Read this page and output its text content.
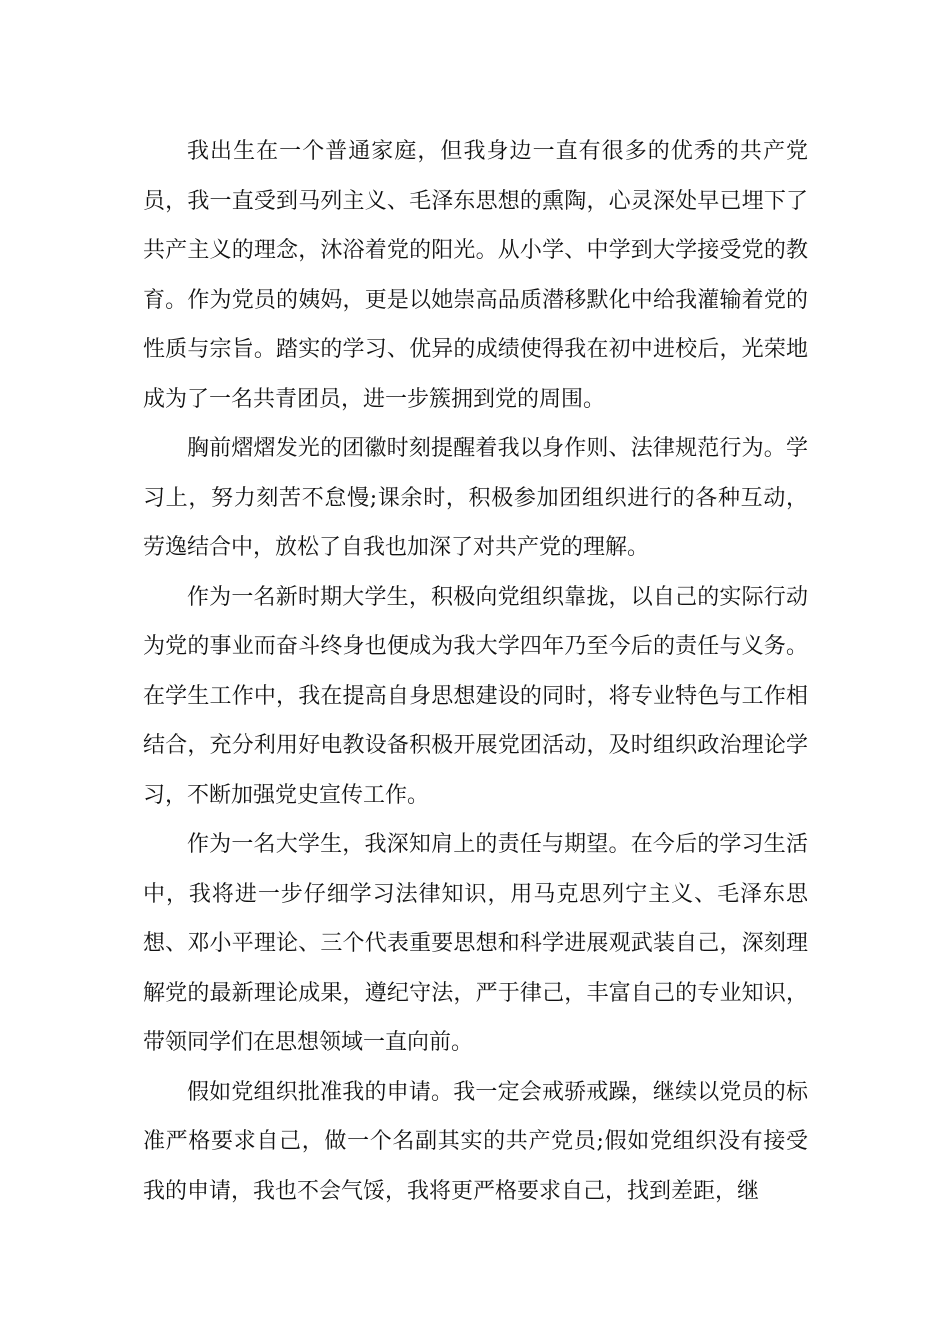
我出生在一个普通家庭，但我身边一直有很多的优秀的共产党员，我一直受到马列主义、毛泽东思想的熏陶，心灵深处早已埋下了共产主义的理念，沐浴着党的阳光。从小学、中学到大学接受党的教育。作为党员的姨妈，更是以她崇高品质潜移默化中给我灌输着党的性质与宗旨。踏实的学习、优异的成绩使得我在初中进校后，光荣地成为了一名共青团员，进一步簇拥到党的周围。

胸前熠熠发光的团徽时刻提醒着我以身作则、法律规范行为。学习上，努力刻苦不怠慢;课余时，积极参加团组织进行的各种互动，劳逸结合中，放松了自我也加深了对共产党的理解。

作为一名新时期大学生，积极向党组织靠拢，以自己的实际行动为党的事业而奋斗终身也便成为我大学四年乃至今后的责任与义务。在学生工作中，我在提高自身思想建设的同时，将专业特色与工作相结合，充分利用好电教设备积极开展党团活动，及时组织政治理论学习，不断加强党史宣传工作。

作为一名大学生，我深知肩上的责任与期望。在今后的学习生活中，我将进一步仔细学习法律知识，用马克思列宁主义、毛泽东思想、邓小平理论、三个代表重要思想和科学进展观武装自己，深刻理解党的最新理论成果，遵纪守法，严于律己，丰富自己的专业知识，带领同学们在思想领域一直向前。

假如党组织批准我的申请。我一定会戒骄戒躁，继续以党员的标准严格要求自己，做一个名副其实的共产党员;假如党组织没有接受我的申请，我也不会气馁，我将更严格要求自己，找到差距，继
